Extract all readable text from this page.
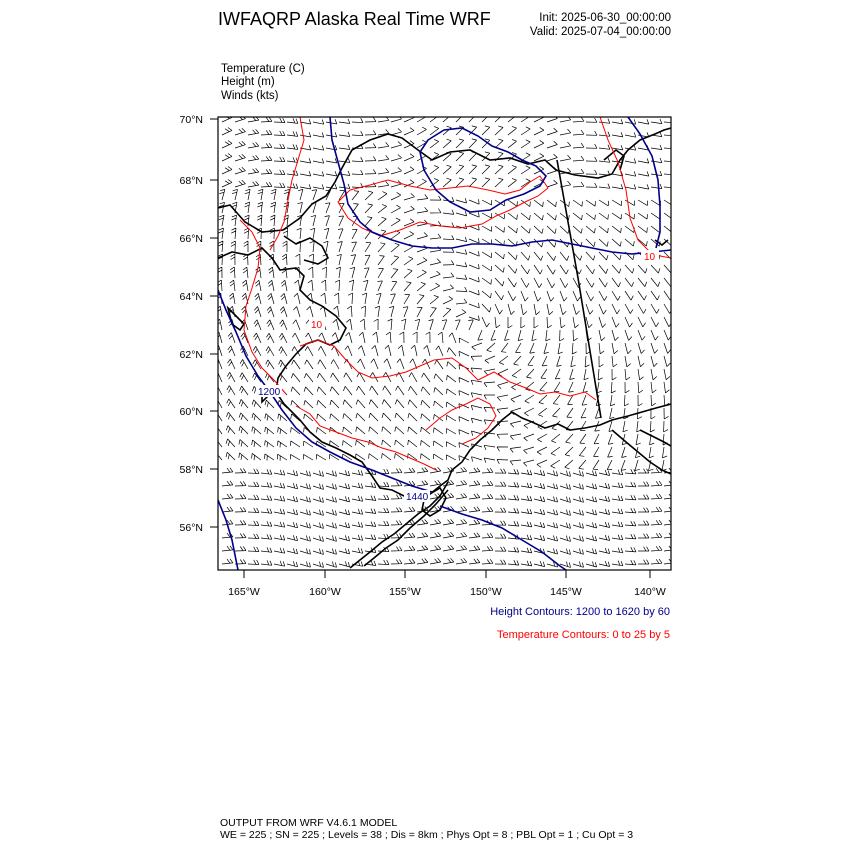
IWFAQRP Alaska Real Time WRF	Init: 2025-06-30_00:00:00
Valid: 2025-07-04_00:00:00
Temperature (C)
Height (m)
Winds (kts)
70°N
68°N
66°N
64°N
62°N
60°N
58°N
56°N
165°W	160°W	155°W	150°W	145°W	140°W
10
10
1200
1440
Height Contours: 1200 to 1620 by 60
Temperature Contours: 0 to 25 by 5
OUTPUT FROM WRF V4.6.1 MODEL
WE = 225 ; SN = 225 ; Levels = 38 ; Dis = 8km ; Phys Opt = 8 ; PBL Opt = 1 ; Cu Opt = 3
